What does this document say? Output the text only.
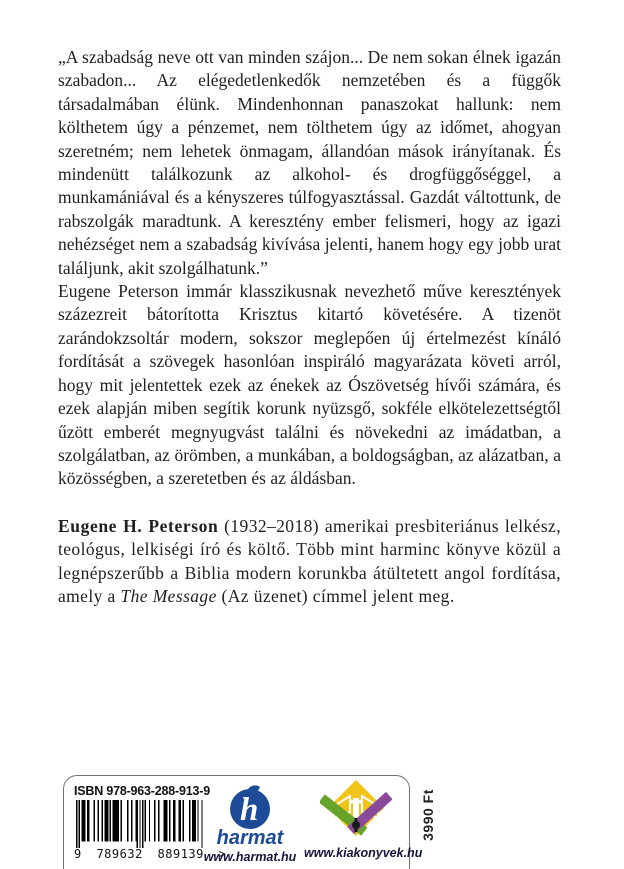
„A szabadság neve ott van minden szájon... De nem sokan élnek igazán szabadon... Az elégedetlenkedők nemzetében és a függők társadalmában élünk. Mindenhonnan panaszokat hallunk: nem költhetem úgy a pénzemet, nem tölthetem úgy az időmet, ahogyan szeretném; nem lehetek önmagam, állandóan mások irányítanak. És mindenütt találkozunk az alkohol- és drogfüggőséggel, a munkamániával és a kényszeres túlfogyasztással. Gazdát váltottunk, de rabszolgák maradtunk. A keresztény ember felismeri, hogy az igazi nehézséget nem a szabadság kivívása jelenti, hanem hogy egy jobb urat találjunk, akit szolgálhatunk.”

Eugene Peterson immár klasszikusnak nevezhető műve keresztények százezreit bátorította Krisztus kitartó követésére. A tizenöt zarándokzsoltár modern, sokszor meglepően új értelmezést kínáló fordítását a szövegek hasonlóan inspiráló magyarázata követi arról, hogy mit jelentettek ezek az énekek az Ószövetség hívői számára, és ezek alapján miben segítik korunk nyüzsgő, sokféle elkötelezettségtől űzött emberét megnyugvást találni és növekedni az imádatban, a szolgálatban, az örömben, a munkában, a boldogságban, az alázatban, a közösségben, a szeretetben és az áldásban.

Eugene H. Peterson (1932–2018) amerikai presbiteriánus lelkész, teológus, lelkiségi író és költő. Több mint harminc könyve közül a legnépszerűbb a Biblia modern korunkba átültetett angol fordítása, amely a The Message (Az üzenet) címmel jelent meg.

ISBN 978-963-288-913-9
9 789632 889139 >
h
harmat
www.harmat.hu www.kiakonyvek.hu
3990 Ft
